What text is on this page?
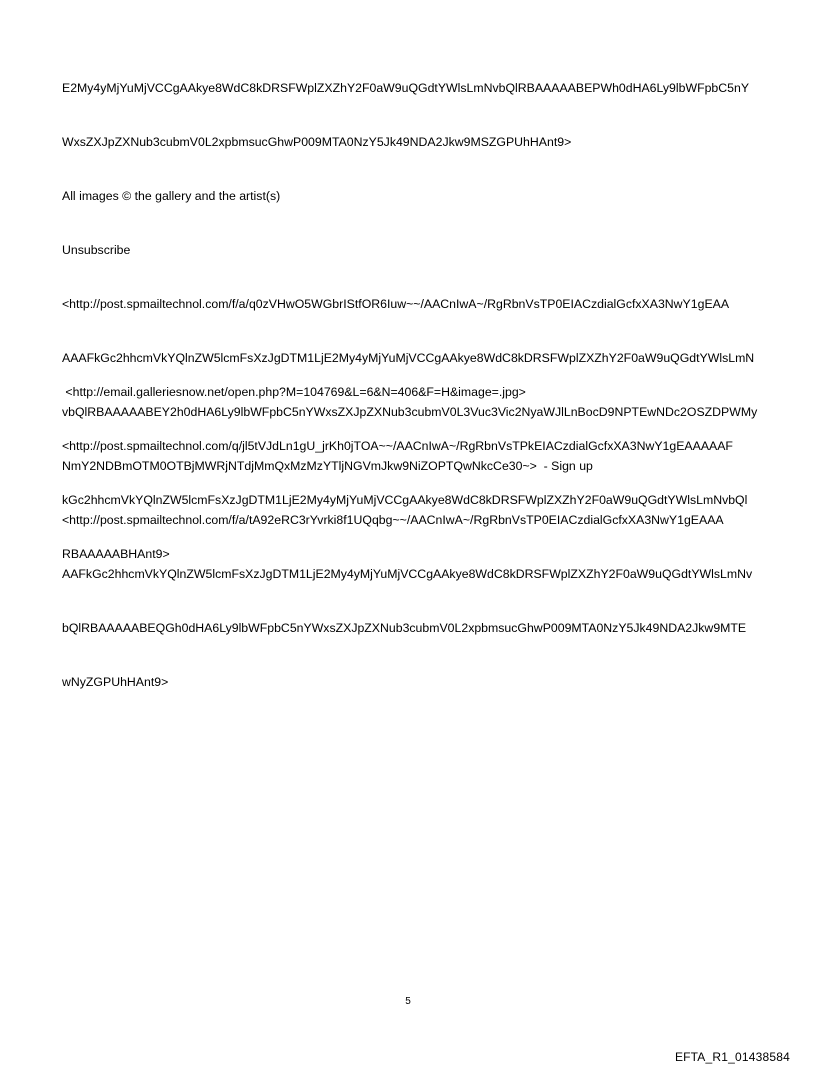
E2My4yMjYuMjVCCgAAkye8WdC8kDRSFWplZXZhY2F0aW9uQGdtYWlsLmNvbQlRBAAAAABEPWh0dHA6Ly9lbWFpbC5nY

WxsZXJpZXNub3cubmV0L2xpbmsucGhwP009MTA0NzY5Jk49NDA2Jkw9MSZGPUhHAnt9>

All images © the gallery and the artist(s)

Unsubscribe

<http://post.spmailtechnol.com/f/a/q0zVHwO5WGbrIStfOR6Iuw~~/AACnIwA~/RgRbnVsTP0EIACzdialGcfxXA3NwY1gEAA

AAAFkGc2hhcmVkYQlnZW5lcmFsXzJgDTM1LjE2My4yMjYuMjVCCgAAkye8WdC8kDRSFWplZXZhY2F0aW9uQGdtYWlsLmN

vbQlRBAAAAABEY2h0dHA6Ly9lbWFpbC5nYWxsZXJpZXNub3cubmV0L3Vuc3Vic2NyaWJlLnBocD9NPTEwNDc2OSZDPWMy

NmY2NDBmOTM0OTBjMWRjNTdjMmQxMzMzYTljNGVmJkw9NiZOPTQwNkcCe30~>  - Sign up

<http://post.spmailtechnol.com/f/a/tA92eRC3rYvrki8f1UQqbg~~/AACnIwA~/RgRbnVsTP0EIACzdialGcfxXA3NwY1gEAAA

AAFkGc2hhcmVkYQlnZW5lcmFsXzJgDTM1LjE2My4yMjYuMjVCCgAAkye8WdC8kDRSFWplZXZhY2F0aW9uQGdtYWlsLmNv

bQlRBAAAAABEQGh0dHA6Ly9lbWFpbC5nYWxsZXJpZXNub3cubmV0L2xpbmsucGhwP009MTA0NzY5Jk49NDA2Jkw9MTE

wNyZGPUhHAnt9>

<http://email.galleriesnow.net/open.php?M=104769&L=6&N=406&F=H&image=.jpg>

<http://post.spmailtechnol.com/q/jl5tVJdLn1gU_jrKh0jTOA~~/AACnIwA~/RgRbnVsTPkEIACzdialGcfxXA3NwY1gEAAAAAF

kGc2hhcmVkYQlnZW5lcmFsXzJgDTM1LjE2My4yMjYuMjVCCgAAkye8WdC8kDRSFWplZXZhY2F0aW9uQGdtYWlsLmNvbQl

RBAAAAABHAnt9>

5
EFTA_R1_01438584
